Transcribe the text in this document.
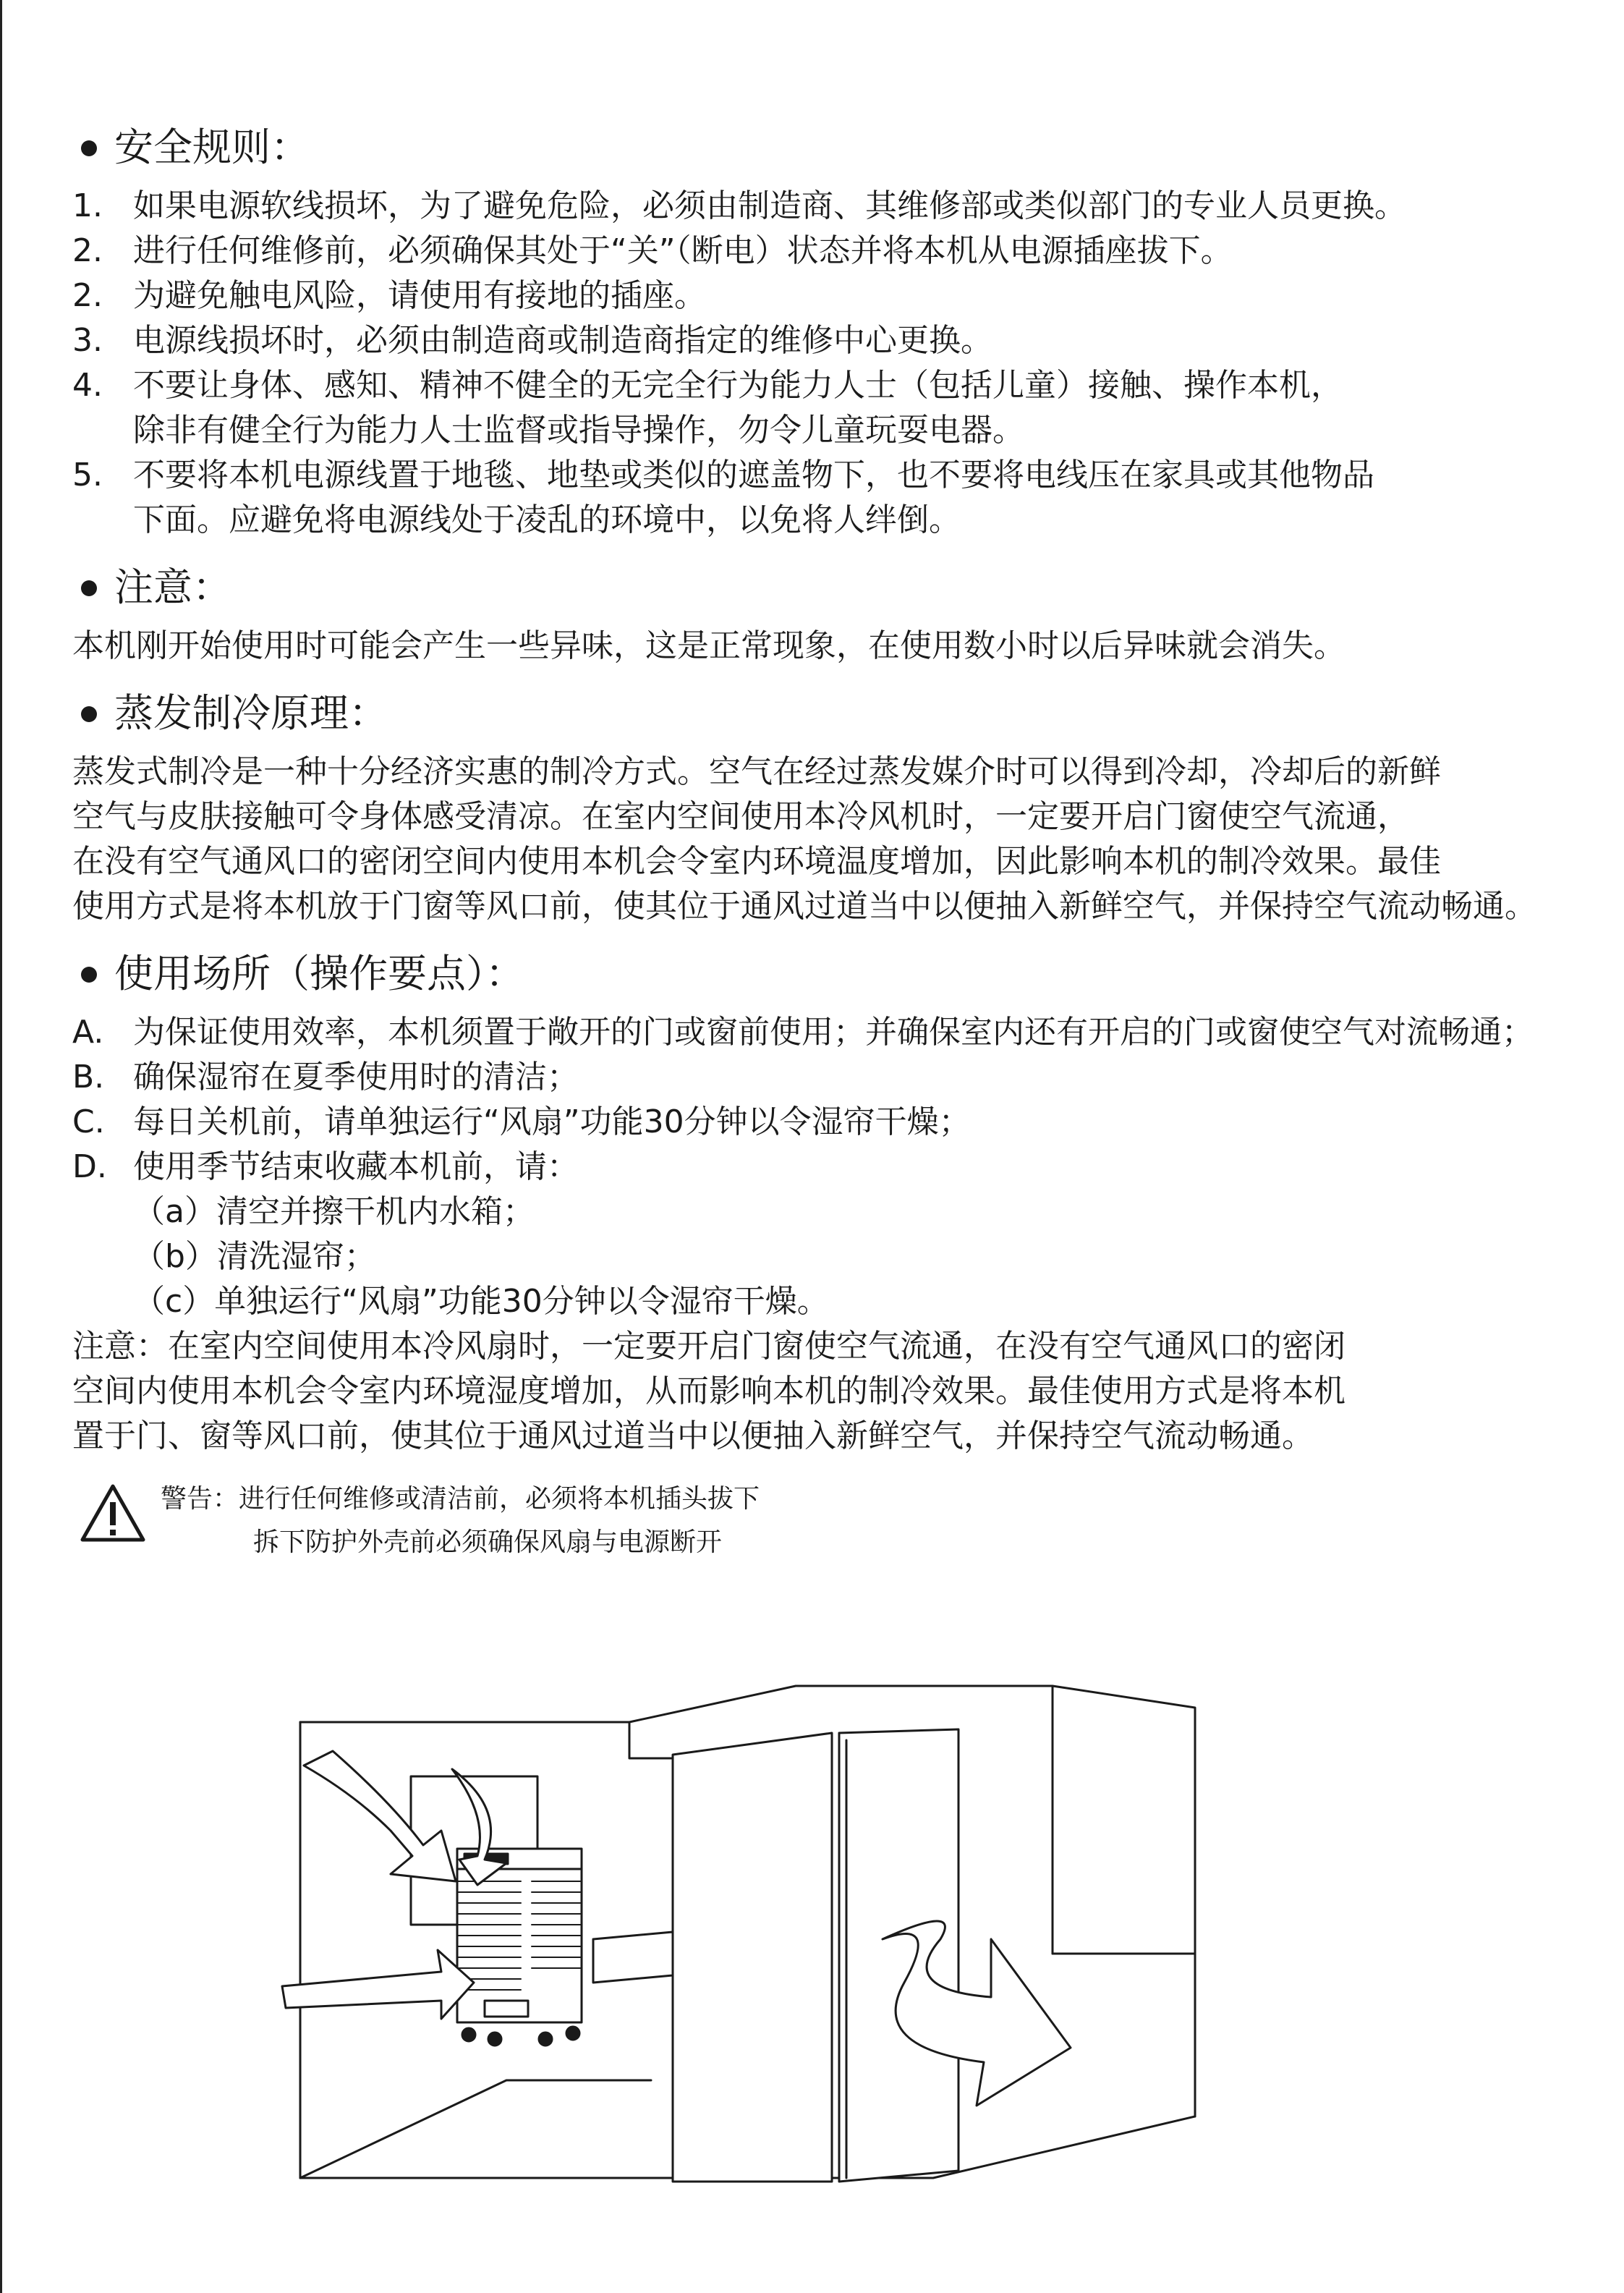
安全规则：
1. 如果电源软线损坏，为了避免危险，必须由制造商、其维修部或类似部门的专业人员更换。
2. 进行任何维修前，必须确保其处于“关”（断电）状态并将本机从电源插座拔下。
2. 为避免触电风险，请使用有接地的插座。
3. 电源线损坏时，必须由制造商或制造商指定的维修中心更换。
4. 不要让身体、感知、精神不健全的无完全行为能力人士（包括儿童）接触、操作本机，
除非有健全行为能力人士监督或指导操作，勿令儿童玩耍电器。
5. 不要将本机电源线置于地毯、地垫或类似的遮盖物下，也不要将电线压在家具或其他物品
下面。应避免将电源线处于凌乱的环境中，以免将人绊倒。
注意：
本机刚开始使用时可能会产生一些异味，这是正常现象，在使用数小时以后异味就会消失。
蒸发制冷原理：
蒸发式制冷是一种十分经济实惠的制冷方式。空气在经过蒸发媒介时可以得到冷却，冷却后的新鲜
空气与皮肤接触可令身体感受清凉。在室内空间使用本冷风机时，一定要开启门窗使空气流通，
在没有空气通风口的密闭空间内使用本机会令室内环境温度增加，因此影响本机的制冷效果。最佳
使用方式是将本机放于门窗等风口前，使其位于通风过道当中以便抽入新鲜空气，并保持空气流动畅通。
使用场所（操作要点）：
A. 为保证使用效率，本机须置于敞开的门或窗前使用；并确保室内还有开启的门或窗使空气对流畅通；
B. 确保湿帘在夏季使用时的清洁；
C. 每日关机前，请单独运行“风扇”功能30分钟以令湿帘干燥；
D. 使用季节结束收藏本机前，请：
（a）清空并擦干机内水箱；
（b）清洗湿帘；
（c）单独运行“风扇”功能30分钟以令湿帘干燥。
注意：在室内空间使用本冷风扇时，一定要开启门窗使空气流通，在没有空气通风口的密闭
空间内使用本机会令室内环境湿度增加，从而影响本机的制冷效果。最佳使用方式是将本机
置于门、窗等风口前，使其位于通风过道当中以便抽入新鲜空气，并保持空气流动畅通。
警告：进行任何维修或清洁前，必须将本机插头拔下
拆下防护外壳前必须确保风扇与电源断开
